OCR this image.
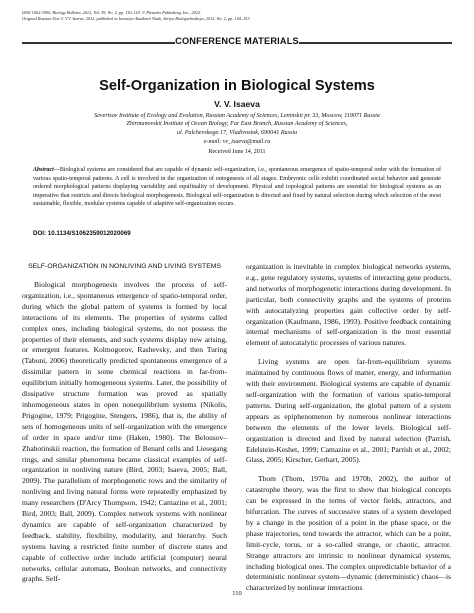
ISSN 1062-3590, Biology Bulletin, 2012, Vol. 39, No. 2, pp. 110–118. © Pleiades Publishing, Inc., 2012.
Original Russian Text © V.V. Isaeva, 2012, published in Izvestiya Akademii Nauk, Seriya Biologicheskaya, 2012, No. 2, pp. 144–153.
CONFERENCE MATERIALS
Self-Organization in Biological Systems
V. V. Isaeva
Severtsov Institute of Ecology and Evolution, Russian Academy of Sciences, Leninskii pr. 33, Moscow, 119071 Russia
Zhirmunovskii Institute of Ocean Biology, Far East Branch, Russian Academy of Sciences,
ul. Palchevskogo 17, Vladivostok, 690041 Russia
e-mail: vv_isaeva@mail.ru
Received June 14, 2011
Abstract—Biological systems are considered that are capable of dynamic self-organization, i.e., spontaneous emergence of spatio-temporal order with the formation of various spatio-temporal patterns. A cell is involved in the organization of ontogenesis of all stages. Embryonic cells exhibit coordinated social behavior and generate ordered morphological patterns displaying variability and equifinality of development. Physical and topological patterns are essential for biological systems as an imperative that restricts and directs biological morphogenesis. Biological self-organization is directed and fixed by natural selection during which selection of the most sustainable, flexible, modular systems capable of adaptive self-organization occurs.
DOI: 10.1134/S1062359012020069
SELF-ORGANIZATION IN NONLIVING AND LIVING SYSTEMS

Biological morphogenesis involves the process of self-organization, i.e., spontaneous emergence of spatio-temporal order, during which the global pattern of systems is formed by local interactions of its elements. The properties of systems called complex ones, including biological systems, do not possess the properties of their elements, and such systems display new arising, or emergent features. Kolmogorov, Rashevsky, and then Turing (Taboni, 2006) theoretically predicted spontaneous emergence of a dissimilar pattern in some chemical reactions in far-from-equilibrium initially homogeneous systems. Later, the possibility of dissipative structure formation was proved as spatially inhomogeneous states in open nonequilibrium systems (Nikolis, Prigogine, 1979; Prigogine, Stengers, 1986), that is, the ability of sets of homogeneous units of self-organization with the emergence of order in space and/or time (Haken, 1980). The Belousov–Zhabotinskii reaction, the formation of Benard cells and Liesegang rings, and similar phenomena became classical examples of self-organization in nonliving nature (Bird, 2003; Isaeva, 2005; Ball, 2009). The parallelism of morphogenetic rows and the similarity of nonliving and living natural forms were repeatedly emphasized by many researchers (D'Arcy Thompson, 1942; Camazine et al., 2001; Bird, 2003; Ball, 2009). Complex network systems with nonlinear dynamics are capable of self-organization characterized by feedback, stability, flexibility, modularity, and hierarchy. Such systems having a restricted finite number of discrete states and capable of collective order include artificial (computer) neural networks, cellular automata, Boolean networks, and connectivity graphs. Self-

organization is inevitable in complex biological networks systems, e.g., gene regulatory systems, systems of interacting gene products, and networks of morphogenetic interactions during development. In particular, both connectivity graphs and the systems of proteins with autocatalyzing properties gain collective order by self-organization (Kaufmann, 1986, 1993). Positive feedback containing internal mechanisms of self-organization is the most essential element of autocatalytic processes of various natures.

Living systems are open far-from-equilibrium systems maintained by continuous flows of matter, energy, and information with their environment. Biological systems are capable of dynamic self-organization with the formation of various spatio-temporal patterns. During self-organization, the global pattern of a system appears as epiphenomenon by numerous nonlinear interactions between the elements of the lower levels. Biological self-organization is directed and fixed by natural selection (Parrish, Edelstein-Keshet, 1999; Camazine et al., 2001; Parrish et al., 2002; Glass, 2005; Kirscher, Gerhart, 2005).

Thom (Thom, 1970a and 1970b, 2002), the author of catastrophe theory, was the first to show that biological concepts can be expressed in the terms of vector fields, attractors, and bifurcation. The curves of successive states of a system developed by a change in the position of a point in the phase space, or the phase trajectories, tend towards the attractor, which can be a point, limit-cycle, torus, or a so-called strange, or chaotic, attractor. Strange attractors are intrinsic to nonlinear dynamical systems, including biological ones. The complex unpredictable behavior of a deterministic nonlinear system—dynamic (deterministic) chaos—is characterized by nonlinear interactions

110
